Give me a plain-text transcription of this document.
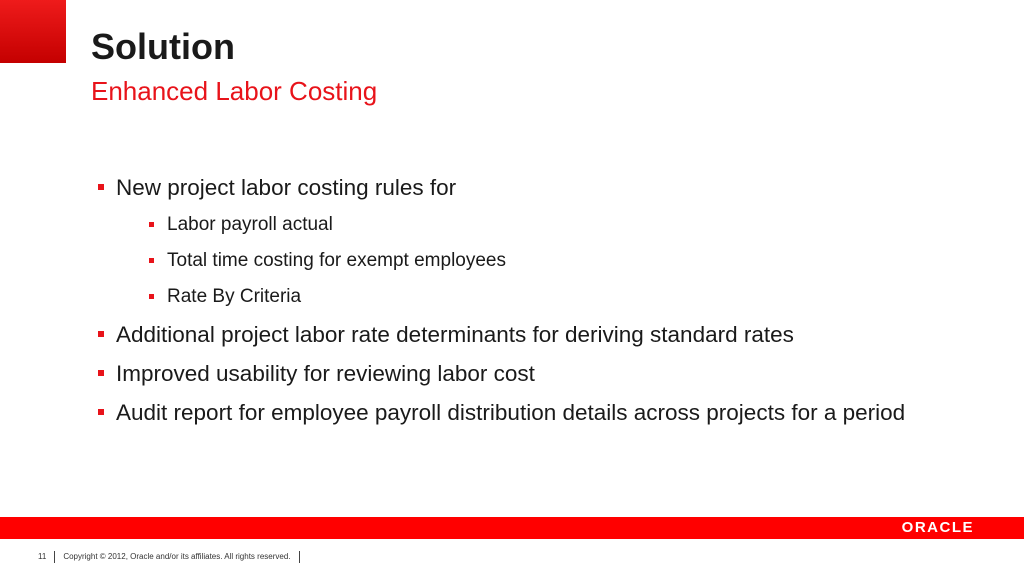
Solution
Enhanced Labor Costing
New project labor costing rules for
Labor payroll actual
Total time costing for exempt employees
Rate By Criteria
Additional project labor rate determinants for deriving standard rates
Improved usability for reviewing labor cost
Audit report for employee payroll distribution details across projects for a period
ORACLE
11 Copyright © 2012, Oracle and/or its affiliates. All rights reserved.
